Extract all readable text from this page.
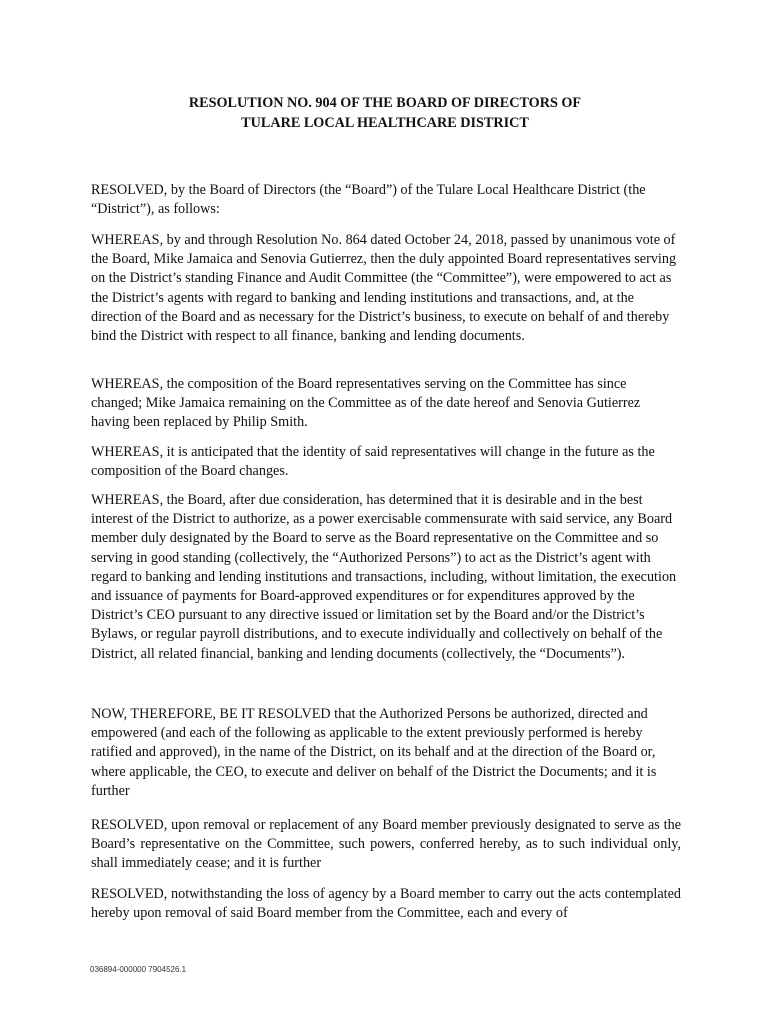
RESOLUTION NO. 904 OF THE BOARD OF DIRECTORS OF
TULARE LOCAL HEALTHCARE DISTRICT

RESOLVED, by the Board of Directors (the “Board”) of the Tulare Local Healthcare District (the “District”), as follows:

WHEREAS, by and through Resolution No. 864 dated October 24, 2018, passed by unanimous vote of the Board, Mike Jamaica and Senovia Gutierrez, then the duly appointed Board representatives serving on the District’s standing Finance and Audit Committee (the “Committee”), were empowered to act as the District’s agents with regard to banking and lending institutions and transactions, and, at the direction of the Board and as necessary for the District’s business, to execute on behalf of and thereby bind the District with respect to all finance, banking and lending documents.

WHEREAS, the composition of the Board representatives serving on the Committee has since changed; Mike Jamaica remaining on the Committee as of the date hereof and Senovia Gutierrez having been replaced by Philip Smith.

WHEREAS, it is anticipated that the identity of said representatives will change in the future as the composition of the Board changes.

WHEREAS, the Board, after due consideration, has determined that it is desirable and in the best interest of the District to authorize, as a power exercisable commensurate with said service, any Board member duly designated by the Board to serve as the Board representative on the Committee and so serving in good standing (collectively, the “Authorized Persons”) to act as the District’s agent with regard to banking and lending institutions and transactions, including, without limitation, the execution and issuance of payments for Board-approved expenditures or for expenditures approved by the District’s CEO pursuant to any directive issued or limitation set by the Board and/or the District’s Bylaws, or regular payroll distributions, and to execute individually and collectively on behalf of the District, all related financial, banking and lending documents (collectively, the “Documents”).

NOW, THEREFORE, BE IT RESOLVED that the Authorized Persons be authorized, directed and empowered (and each of the following as applicable to the extent previously performed is hereby ratified and approved), in the name of the District, on its behalf and at the direction of the Board or, where applicable, the CEO, to execute and deliver on behalf of the District the Documents; and it is further

RESOLVED, upon removal or replacement of any Board member previously designated to serve as the Board’s representative on the Committee, such powers, conferred hereby, as to such individual only, shall immediately cease; and it is further

RESOLVED, notwithstanding the loss of agency by a Board member to carry out the acts contemplated hereby upon removal of said Board member from the Committee, each and every of

036894-000000 7904526.1
